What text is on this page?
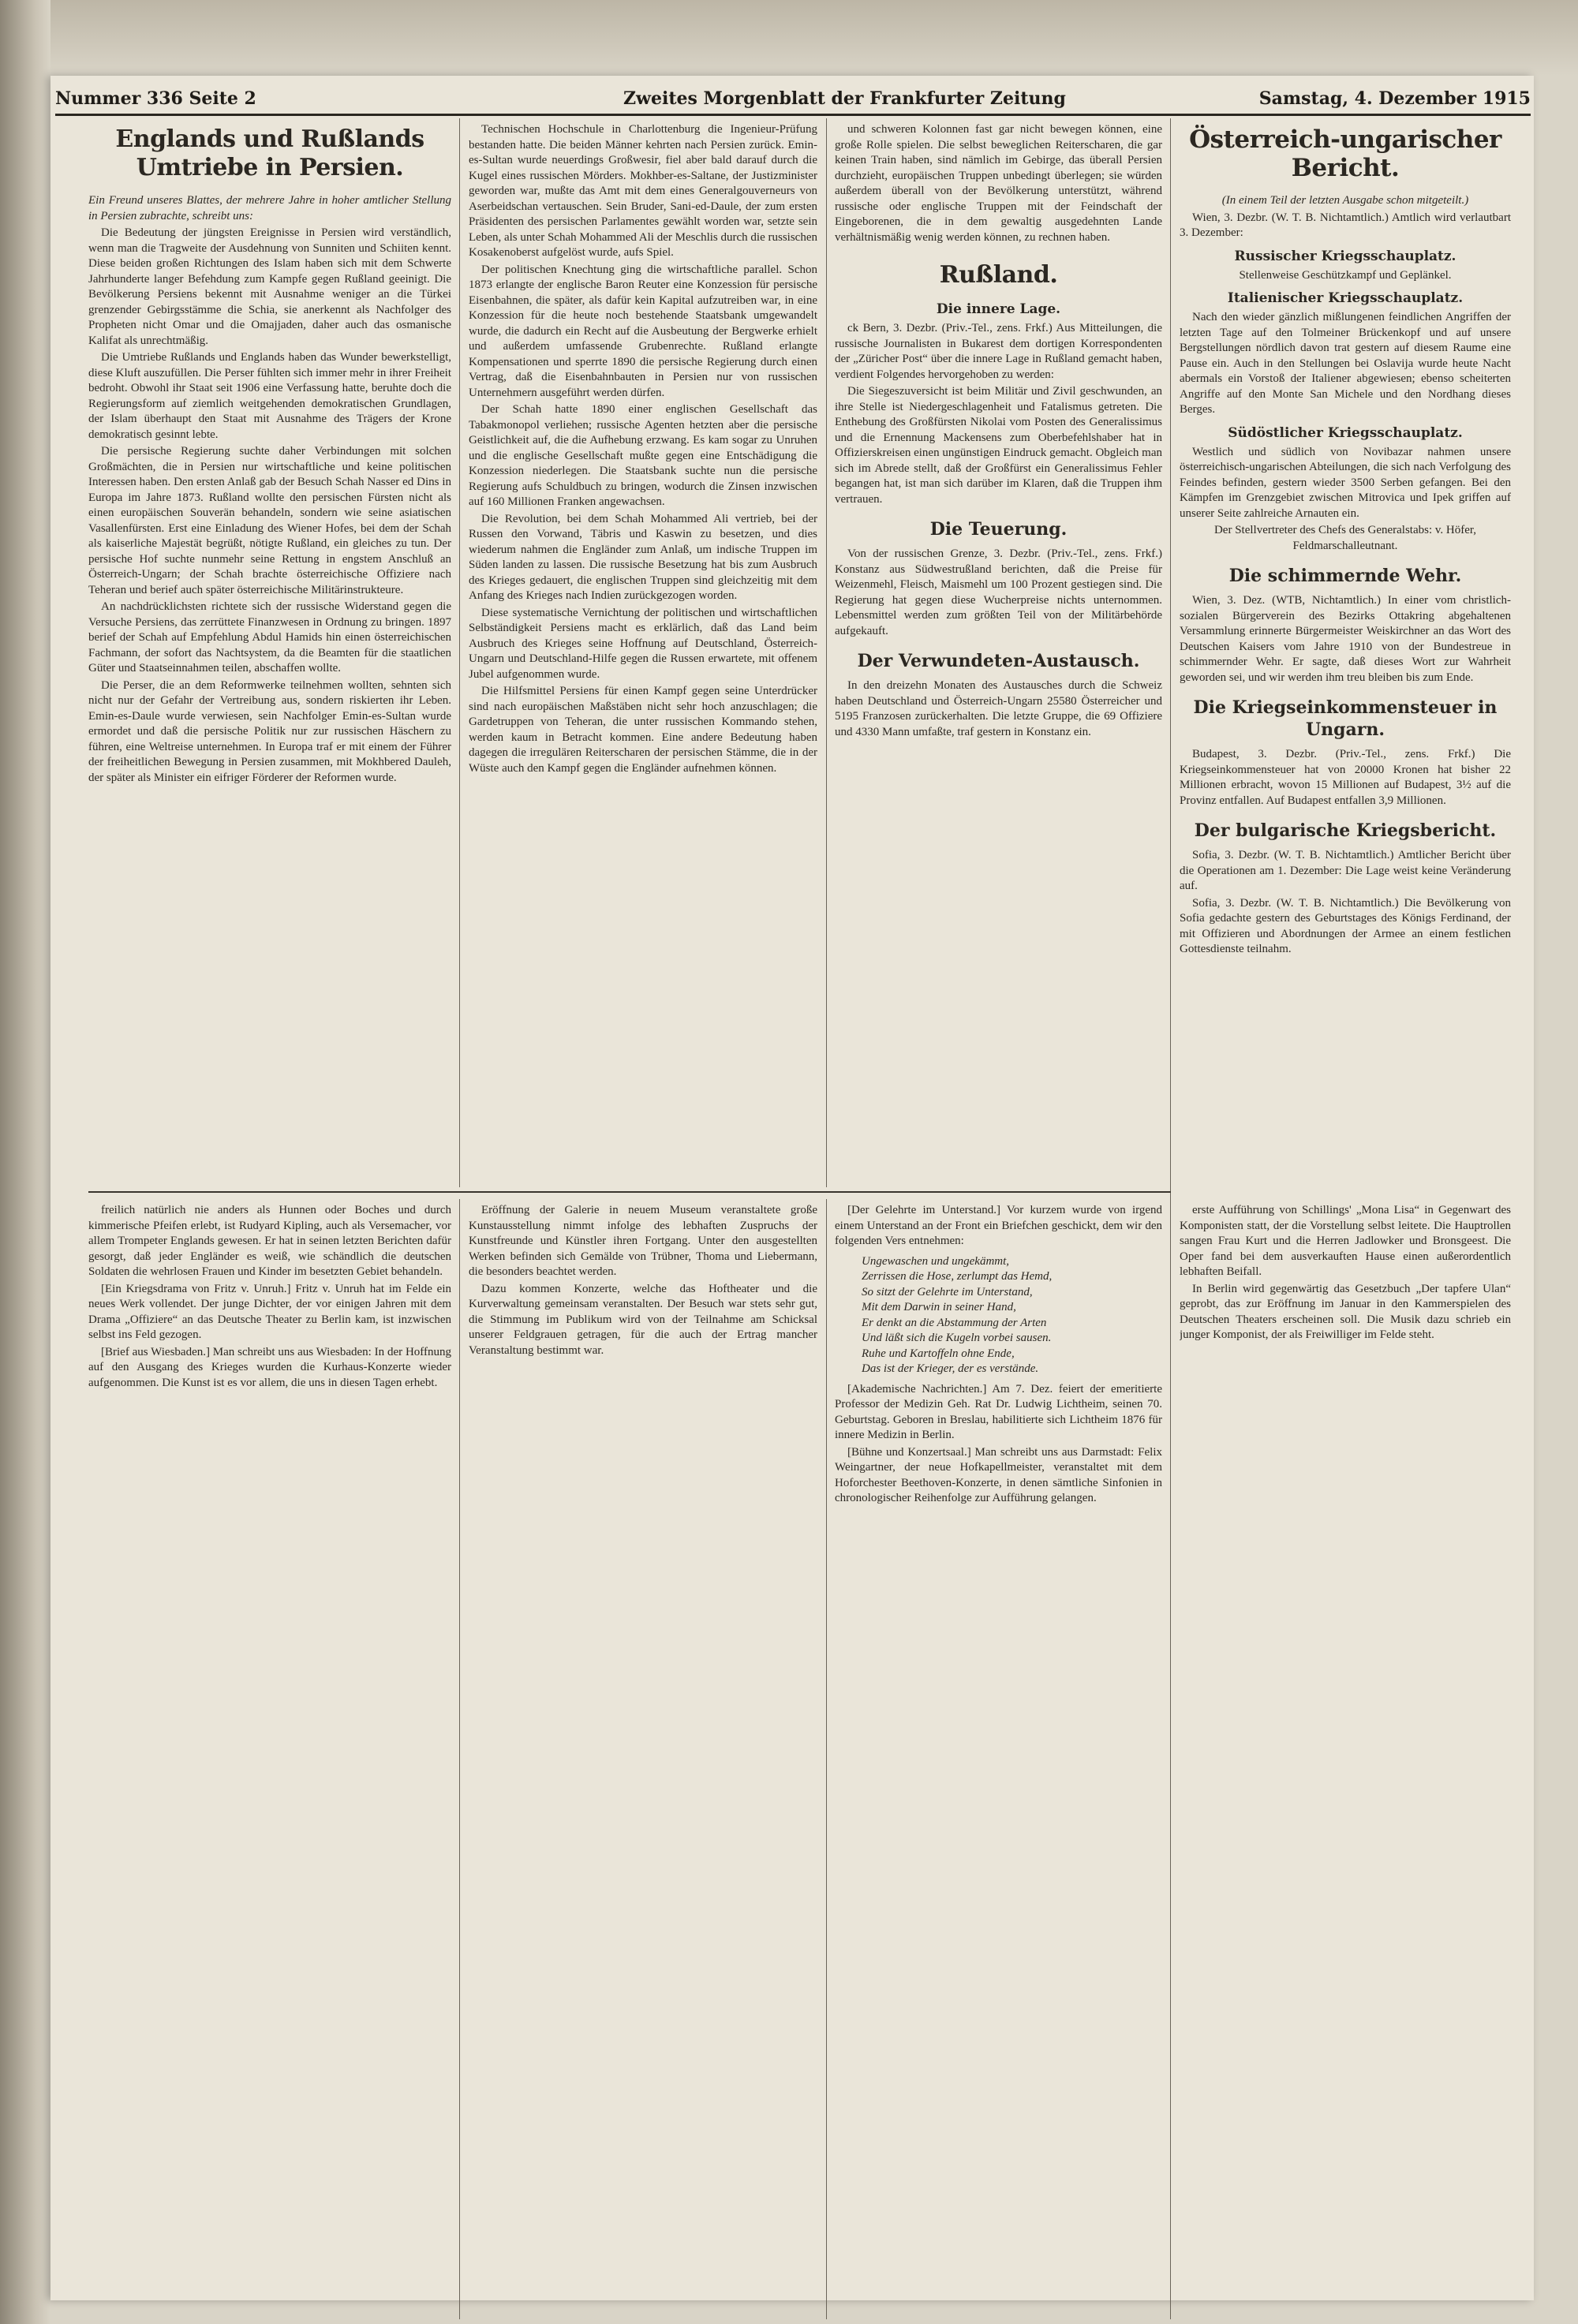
Nummer 336 Seite 2	Zweites Morgenblatt der Frankfurter Zeitung	Samstag, 4. Dezember 1915
Englands und Rußlands Umtriebe in Persien.

Ein Freund unseres Blattes, der mehrere Jahre in hoher amtlicher Stellung in Persien zubrachte, schreibt uns:

Die Bedeutung der jüngsten Ereignisse in Persien wird verständlich, wenn man die Tragweite der Ausdehnung von Sunniten und Schiiten kennt. Diese beiden großen Richtungen des Islam haben sich mit dem Schwerte Jahrhunderte langer Befehdung zum Kampfe gegen Rußland geeinigt. Die Bevölkerung Persiens bekennt mit Ausnahme weniger an die Türkei grenzender Gebirgsstämme die Schia, sie anerkennt als Nachfolger des Propheten nicht Omar und die Omajjaden, daher auch das osmanische Kalifat als unrechtmäßig.

Die Umtriebe Rußlands und Englands haben das Wunder bewerkstelligt, diese Kluft auszufüllen. Die Perser fühlten sich immer mehr in ihrer Freiheit bedroht. Obwohl ihr Staat seit 1906 eine Verfassung hatte, beruhte doch die Regierungsform auf ziemlich weitgehenden demokratischen Grundlagen, der Islam überhaupt den Staat mit Ausnahme des Trägers der Krone demokratisch gesinnt lebte.

Die persische Regierung suchte daher Verbindungen mit solchen Großmächten, die in Persien nur wirtschaftliche und keine politischen Interessen haben. Den ersten Anlaß gab der Besuch Schah Nasser ed Dins in Europa im Jahre 1873. Rußland wollte den persischen Fürsten nicht als einen europäischen Souverän behandeln, sondern wie seine asiatischen Vasallenfürsten. Erst eine Einladung des Wiener Hofes, bei dem der Schah als kaiserliche Majestät begrüßt, nötigte Rußland, ein gleiches zu tun. Der persische Hof suchte nunmehr seine Rettung in engstem Anschluß an Österreich-Ungarn; der Schah brachte österreichische Offiziere nach Teheran und berief auch später österreichische Militärinstrukteure.

An nachdrücklichsten richtete sich der russische Widerstand gegen die Versuche Persiens, das zerrüttete Finanzwesen in Ordnung zu bringen. 1897 berief der Schah auf Empfehlung Abdul Hamids hin einen österreichischen Fachmann, der sofort das Nachtsystem, da die Beamten für die staatlichen Güter und Staatseinnahmen teilen, abschaffen wollte.

Die Perser, die an dem Reformwerke teilnehmen wollten, sehnten sich nicht nur der Gefahr der Vertreibung aus, sondern riskierten ihr Leben. Emin-es-Daule wurde verwiesen, sein Nachfolger Emin-es-Sultan wurde ermordet und daß die persische Politik nur zur russischen Häschern zu führen, eine Weltreise unternehmen. In Europa traf er mit einem der Führer der freiheitlichen Bewegung in Persien zusammen, mit Mokhbered Dauleh, der später als Minister ein eifriger Förderer der Reformen wurde.

Technischen Hochschule in Charlottenburg die Ingenieur-Prüfung bestanden hatte. Die beiden Männer kehrten nach Persien zurück. Emin-es-Sultan wurde neuerdings Großwesir, fiel aber bald darauf durch die Kugel eines russischen Mörders. Mokhber-es-Saltane, der Justizminister geworden war, mußte das Amt mit dem eines Generalgouverneurs von Aserbeidschan vertauschen. Sein Bruder, Sani-ed-Daule, der zum ersten Präsidenten des persischen Parlamentes gewählt worden war, setzte sein Leben, als unter Schah Mohammed Ali der Meschlis durch die russischen Kosakenoberst aufgelöst wurde, aufs Spiel.

Der politischen Knechtung ging die wirtschaftliche parallel. Schon 1873 erlangte der englische Baron Reuter eine Konzession für persische Eisenbahnen, die später, als dafür kein Kapital aufzutreiben war, in eine Konzession für die heute noch bestehende Staatsbank umgewandelt wurde, die dadurch ein Recht auf die Ausbeutung der Bergwerke erhielt und außerdem umfassende Grubenrechte. Rußland erlangte Kompensationen und sperrte 1890 die persische Regierung durch einen Vertrag, daß die Eisenbahnbauten in Persien nur von russischen Unternehmern ausgeführt werden dürfen.

Der Schah hatte 1890 einer englischen Gesellschaft das Tabakmonopol verliehen; russische Agenten hetzten aber die persische Geistlichkeit auf, die die Aufhebung erzwang. Es kam sogar zu Unruhen und die englische Gesellschaft mußte gegen eine Entschädigung die Konzession niederlegen. Die Staatsbank suchte nun die persische Regierung aufs Schuldbuch zu bringen, wodurch die Zinsen inzwischen auf 160 Millionen Franken angewachsen.

Die Revolution, bei dem Schah Mohammed Ali vertrieb, bei der Russen den Vorwand, Täbris und Kaswin zu besetzen, und dies wiederum nahmen die Engländer zum Anlaß, um indische Truppen im Süden landen zu lassen. Die russische Besetzung hat bis zum Ausbruch des Krieges gedauert, die englischen Truppen sind gleichzeitig mit dem Anfang des Krieges nach Indien zurückgezogen worden.

Diese systematische Vernichtung der politischen und wirtschaftlichen Selbständigkeit Persiens macht es erklärlich, daß das Land beim Ausbruch des Krieges seine Hoffnung auf Deutschland, Österreich-Ungarn und Deutschland-Hilfe gegen die Russen erwartete, mit offenem Jubel aufgenommen wurde.

Die Hilfsmittel Persiens für einen Kampf gegen seine Unterdrücker sind nach europäischen Maßstäben nicht sehr hoch anzuschlagen; die Gardetruppen von Teheran, die unter russischen Kommando stehen, werden kaum in Betracht kommen. Eine andere Bedeutung haben dagegen die irregulären Reiterscharen der persischen Stämme, die in der Wüste auch den Kampf gegen die Engländer aufnehmen können.

und schweren Kolonnen fast gar nicht bewegen können, eine große Rolle spielen. Die selbst beweglichen Reiterscharen, die gar keinen Train haben, sind nämlich im Gebirge, das überall Persien durchzieht, europäischen Truppen unbedingt überlegen; sie würden außerdem überall von der Bevölkerung unterstützt, während russische oder englische Truppen mit der Feindschaft der Eingeborenen, die in dem gewaltig ausgedehnten Lande verhältnismäßig wenig werden können, zu rechnen haben.

Rußland.
Die innere Lage.

ck Bern, 3. Dezbr. (Priv.-Tel., zens. Frkf.) Aus Mitteilungen, die russische Journalisten in Bukarest dem dortigen Korrespondenten der „Züricher Post“ über die innere Lage in Rußland gemacht haben, verdient Folgendes hervorgehoben zu werden:

Die Siegeszuversicht ist beim Militär und Zivil geschwunden, an ihre Stelle ist Niedergeschlagenheit und Fatalismus getreten. Die Enthebung des Großfürsten Nikolai vom Posten des Generalissimus und die Ernennung Mackensens zum Oberbefehlshaber hat in Offizierskreisen einen ungünstigen Eindruck gemacht. Obgleich man sich im Abrede stellt, daß der Großfürst ein Generalissimus Fehler begangen hat, ist man sich darüber im Klaren, daß die Truppen ihm vertrauen.

Die Teuerung.

Von der russischen Grenze, 3. Dezbr. (Priv.-Tel., zens. Frkf.) Konstanz aus Südwestrußland berichten, daß die Preise für Weizenmehl, Fleisch, Maismehl um 100 Prozent gestiegen sind. Die Regierung hat gegen diese Wucherpreise nichts unternommen. Lebensmittel werden zum größten Teil von der Militärbehörde aufgekauft.

Der Verwundeten-Austausch.

In den dreizehn Monaten des Austausches durch die Schweiz haben Deutschland und Österreich-Ungarn 25580 Österreicher und 5195 Franzosen zurückerhalten. Die letzte Gruppe, die 69 Offiziere und 4330 Mann umfaßte, traf gestern in Konstanz ein.

Österreich-ungarischer Bericht.

(In einem Teil der letzten Ausgabe schon mitgeteilt.)

Wien, 3. Dezbr. (W. T. B. Nichtamtlich.) Amtlich wird verlautbart 3. Dezember:

Russischer Kriegsschauplatz.

Stellenweise Geschützkampf und Geplänkel.

Italienischer Kriegsschauplatz.

Nach den wieder gänzlich mißlungenen feindlichen Angriffen der letzten Tage auf den Tolmeiner Brückenkopf und auf unsere Bergstellungen nördlich davon trat gestern auf diesem Raume eine Pause ein. Auch in den Stellungen bei Oslavija wurde heute Nacht abermals ein Vorstoß der Italiener abgewiesen; ebenso scheiterten Angriffe auf den Monte San Michele und den Nordhang dieses Berges.

Südöstlicher Kriegsschauplatz.

Westlich und südlich von Novibazar nahmen unsere österreichisch-ungarischen Abteilungen, die sich nach Verfolgung des Feindes befinden, gestern wieder 3500 Serben gefangen. Bei den Kämpfen im Grenzgebiet zwischen Mitrovica und Ipek griffen auf unserer Seite zahlreiche Arnauten ein.

Der Stellvertreter des Chefs des Generalstabs: v. Höfer, Feldmarschalleutnant.

Die schimmernde Wehr.

Wien, 3. Dez. (WTB, Nichtamtlich.) In einer vom christlich-sozialen Bürgerverein des Bezirks Ottakring abgehaltenen Versammlung erinnerte Bürgermeister Weiskirchner an das Wort des Deutschen Kaisers vom Jahre 1910 von der Bundestreue in schimmernder Wehr. Er sagte, daß dieses Wort zur Wahrheit geworden sei, und wir werden ihm treu bleiben bis zum Ende.

Die Kriegseinkommensteuer in Ungarn.

Budapest, 3. Dezbr. (Priv.-Tel., zens. Frkf.) Die Kriegseinkommensteuer hat von 20000 Kronen hat bisher 22 Millionen erbracht, wovon 15 Millionen auf Budapest, 3½ auf die Provinz entfallen. Auf Budapest entfallen 3,9 Millionen.

Der bulgarische Kriegsbericht.

Sofia, 3. Dezbr. (W. T. B. Nichtamtlich.) Amtlicher Bericht über die Operationen am 1. Dezember: Die Lage weist keine Veränderung auf.

Sofia, 3. Dezbr. (W. T. B. Nichtamtlich.) Die Bevölkerung von Sofia gedachte gestern des Geburtstages des Königs Ferdinand, der mit Offizieren und Abordnungen der Armee an einem festlichen Gottesdienste teilnahm.

freilich natürlich nie anders als Hunnen oder Boches und durch kimmerische Pfeifen erlebt, ist Rudyard Kipling, auch als Versemacher, vor allem Trompeter Englands gewesen. Er hat in seinen letzten Berichten dafür gesorgt, daß jeder Engländer es weiß, wie schändlich die deutschen Soldaten die wehrlosen Frauen und Kinder im besetzten Gebiet behandeln.

[Ein Kriegsdrama von Fritz v. Unruh.] Fritz v. Unruh hat im Felde ein neues Werk vollendet. Der junge Dichter, der vor einigen Jahren mit dem Drama „Offiziere“ an das Deutsche Theater zu Berlin kam, ist inzwischen selbst ins Feld gezogen.

[Brief aus Wiesbaden.] Man schreibt uns aus Wiesbaden: In der Hoffnung auf den Ausgang des Krieges wurden die Kurhaus-Konzerte wieder aufgenommen. Die Kunst ist es vor allem, die uns in diesen Tagen erhebt.

Eröffnung der Galerie in neuem Museum veranstaltete große Kunstausstellung nimmt infolge des lebhaften Zuspruchs der Kunstfreunde und Künstler ihren Fortgang. Unter den ausgestellten Werken befinden sich Gemälde von Trübner, Thoma und Liebermann, die besonders beachtet werden.

Dazu kommen Konzerte, welche das Hoftheater und die Kurverwaltung gemeinsam veranstalten. Der Besuch war stets sehr gut, die Stimmung im Publikum wird von der Teilnahme am Schicksal unserer Feldgrauen getragen, für die auch der Ertrag mancher Veranstaltung bestimmt war.

[Der Gelehrte im Unterstand.] Vor kurzem wurde von irgend einem Unterstand an der Front ein Briefchen geschickt, dem wir den folgenden Vers entnehmen:

Ungewaschen und ungekämmt,

Zerrissen die Hose, zerlumpt das Hemd,

So sitzt der Gelehrte im Unterstand,

Mit dem Darwin in seiner Hand,

Er denkt an die Abstammung der Arten

Und läßt sich die Kugeln vorbei sausen.

Ruhe und Kartoffeln ohne Ende,

Das ist der Krieger, der es verstände.

[Akademische Nachrichten.] Am 7. Dez. feiert der emeritierte Professor der Medizin Geh. Rat Dr. Ludwig Lichtheim, seinen 70. Geburtstag. Geboren in Breslau, habilitierte sich Lichtheim 1876 für innere Medizin in Berlin.

[Bühne und Konzertsaal.] Man schreibt uns aus Darmstadt: Felix Weingartner, der neue Hofkapellmeister, veranstaltet mit dem Hoforchester Beethoven-Konzerte, in denen sämtliche Sinfonien in chronologischer Reihenfolge zur Aufführung gelangen.

erste Aufführung von Schillings' „Mona Lisa“ in Gegenwart des Komponisten statt, der die Vorstellung selbst leitete. Die Hauptrollen sangen Frau Kurt und die Herren Jadlowker und Bronsgeest. Die Oper fand bei dem ausverkauften Hause einen außerordentlich lebhaften Beifall.

In Berlin wird gegenwärtig das Gesetzbuch „Der tapfere Ulan“ geprobt, das zur Eröffnung im Januar in den Kammerspielen des Deutschen Theaters erscheinen soll. Die Musik dazu schrieb ein junger Komponist, der als Freiwilliger im Felde steht.
